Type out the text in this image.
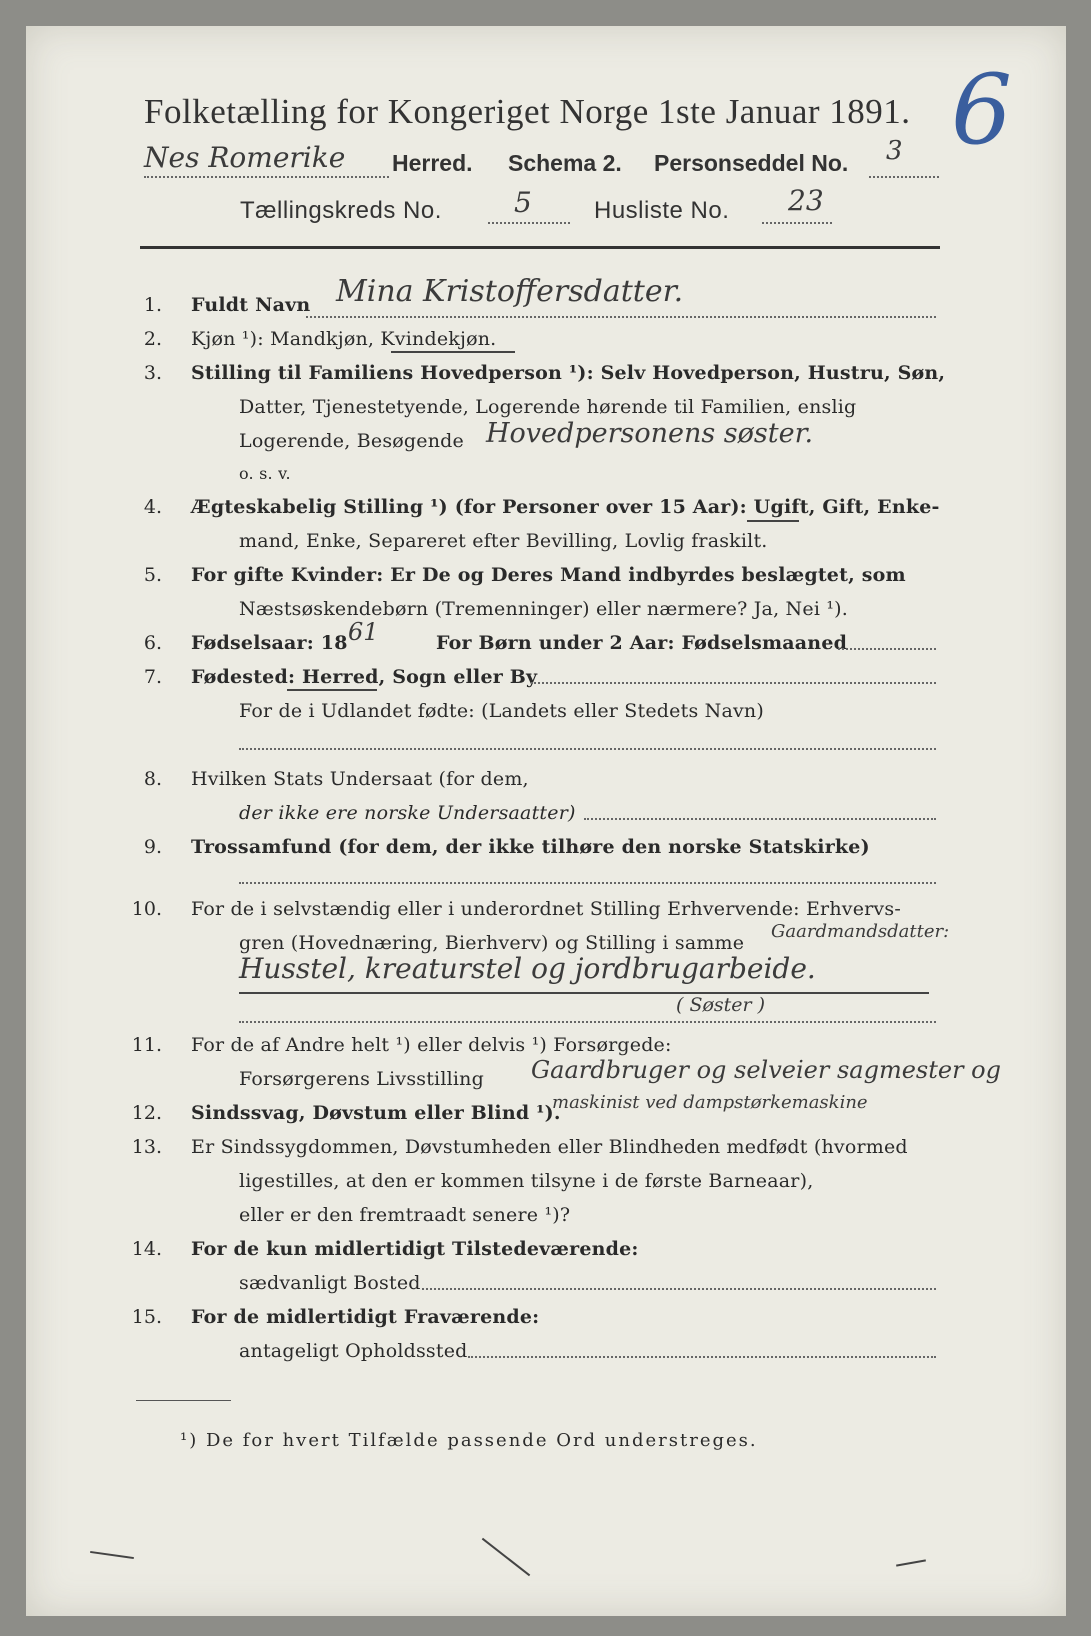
Folketælling for Kongeriget Norge 1ste Januar 1891. 6
Nes Romerike Herred. Schema 2. Personseddel No. 3
Tællingskreds No.	5	Husliste No. 23
1. Fuldt Navn Mina Kristoffersdatter.
2. Kjøn ¹): Mandkjøn, Kvindekjøn.
3. Stilling til Familiens Hovedperson ¹): Selv Hovedperson, Hustru, Søn,
Datter, Tjenestetyende, Logerende hørende til Familien, enslig
Logerende, Besøgende Hovedpersonens søster.
o. s. v.
4. Ægteskabelig Stilling ¹) (for Personer over 15 Aar): Ugift, Gift, Enke-
mand, Enke, Separeret efter Bevilling, Lovlig fraskilt.
5. For gifte Kvinder: Er De og Deres Mand indbyrdes beslægtet, som
Næstsøskendebørn (Tremenninger) eller nærmere? Ja, Nei ¹).
6. Fødselsaar: 18 61	For Børn under 2 Aar: Fødselsmaaned
7. Fødested: Herred, Sogn eller By
For de i Udlandet fødte: (Landets eller Stedets Navn)
8. Hvilken Stats Undersaat (for dem,
der ikke ere norske Undersaatter)
9. Trossamfund (for dem, der ikke tilhøre den norske Statskirke)
10. For de i selvstændig eller i underordnet Stilling Erhvervende: Erhvervs-
gren (Hovednæring, Bierhverv) og Stilling i samme
Gaardmandsdatter:
Husstel, kreaturstel og jordbrugarbeide.
( Søster )
11. For de af Andre helt ¹) eller delvis ¹) Forsørgede:
Forsørgerens Livsstilling Gaardbruger og selveier sagmester og
maskinist ved dampstørkemaskine
12. Sindssvag, Døvstum eller Blind ¹).
13. Er Sindssygdommen, Døvstumheden eller Blindheden medfødt (hvormed
ligestilles, at den er kommen tilsyne i de første Barneaar),
eller er den fremtraadt senere ¹)?
14. For de kun midlertidigt Tilstedeværende:
sædvanligt Bosted
15. For de midlertidigt Fraværende:
antageligt Opholdssted
¹) De for hvert Tilfælde passende Ord understreges.
